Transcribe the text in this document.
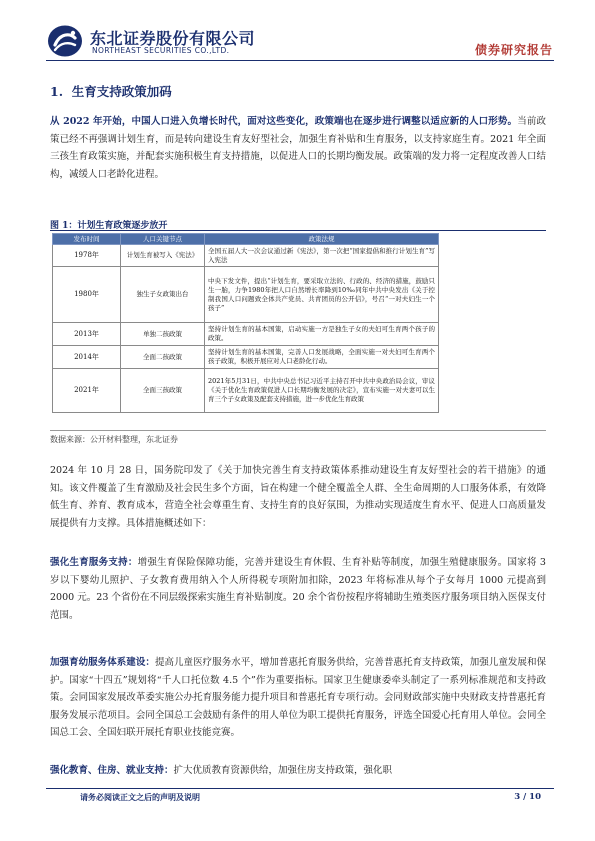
东北证券股份有限公司
NORTHEAST SECURITIES CO.,LTD.	债券研究报告
1. 生育支持政策加码

从 2022 年开始，中国人口进入负增长时代，面对这些变化，政策端也在逐步进行调整以适应新的人口形势。当前政策已经不再强调计划生育，而是转向建设生育友好型社会，加强生育补贴和生育服务，以支持家庭生育。2021 年全面三孩生育政策实施，并配套实施积极生育支持措施，以促进人口的长期均衡发展。政策端的发力将一定程度改善人口结构，减缓人口老龄化进程。

图 1：计划生育政策逐步放开
发布时间	人口关键节点	政策法规
1978年	计划生育被写入《宪法》	全国五届人大一次会议通过新《宪法》，第一次把“国家提倡和推行计划生育”写入宪法
1980年	独生子女政策出台	中央下发文件，提出“计划生育，要采取立法的、行政的、经济的措施，鼓励只生一胎，力争1980年把人口自然增长率降到10‰同年中共中央发出《关于控制我国人口问题致全体共产党员、共青团员的公开信》，号召“一对夫妇生一个孩子”
2013年	单独二孩政策	坚持计划生育的基本国策，启动实施一方是独生子女的夫妇可生育两个孩子的政策。
2014年	全面二孩政策	坚持计划生育的基本国策，完善人口发展战略，全面实施一对夫妇可生育两个孩子政策，积极开展应对人口老龄化行动。
2021年	全面三孩政策	2021年5月31日，中共中央总书记习近平主持召开中共中央政治局会议，审议《关于优化生育政策促进人口长期均衡发展的决定》，宣布实施一对夫妻可以生育三个子女政策及配套支持措施，进一步优化生育政策
数据来源：公开材料整理，东北证券

2024 年 10 月 28 日，国务院印发了《关于加快完善生育支持政策体系推动建设生育友好型社会的若干措施》的通知。该文件覆盖了生育激励及社会民生多个方面，旨在构建一个健全覆盖全人群、全生命周期的人口服务体系，有效降低生育、养育、教育成本，营造全社会尊重生育、支持生育的良好氛围，为推动实现适度生育水平、促进人口高质量发展提供有力支撑。具体措施概述如下：

强化生育服务支持：增强生育保险保障功能，完善并建设生育休假、生育补贴等制度，加强生殖健康服务。国家将 3 岁以下婴幼儿照护、子女教育费用纳入个人所得税专项附加扣除，2023 年将标准从每个子女每月 1000 元提高到 2000 元。23 个省份在不同层级探索实施生育补贴制度。20 余个省份按程序将辅助生殖类医疗服务项目纳入医保支付范围。

加强育幼服务体系建设：提高儿童医疗服务水平，增加普惠托育服务供给，完善普惠托育支持政策，加强儿童发展和保护。国家“十四五”规划将“千人口托位数 4.5 个”作为重要指标。国家卫生健康委牵头制定了一系列标准规范和支持政策。会同国家发展改革委实施公办托育服务能力提升项目和普惠托育专项行动。会同财政部实施中央财政支持普惠托育服务发展示范项目。会同全国总工会鼓励有条件的用人单位为职工提供托育服务，评选全国爱心托育用人单位。会同全国总工会、全国妇联开展托育职业技能竞赛。

强化教育、住房、就业支持：扩大优质教育资源供给，加强住房支持政策，强化职

请务必阅读正文之后的声明及说明	3 / 10
